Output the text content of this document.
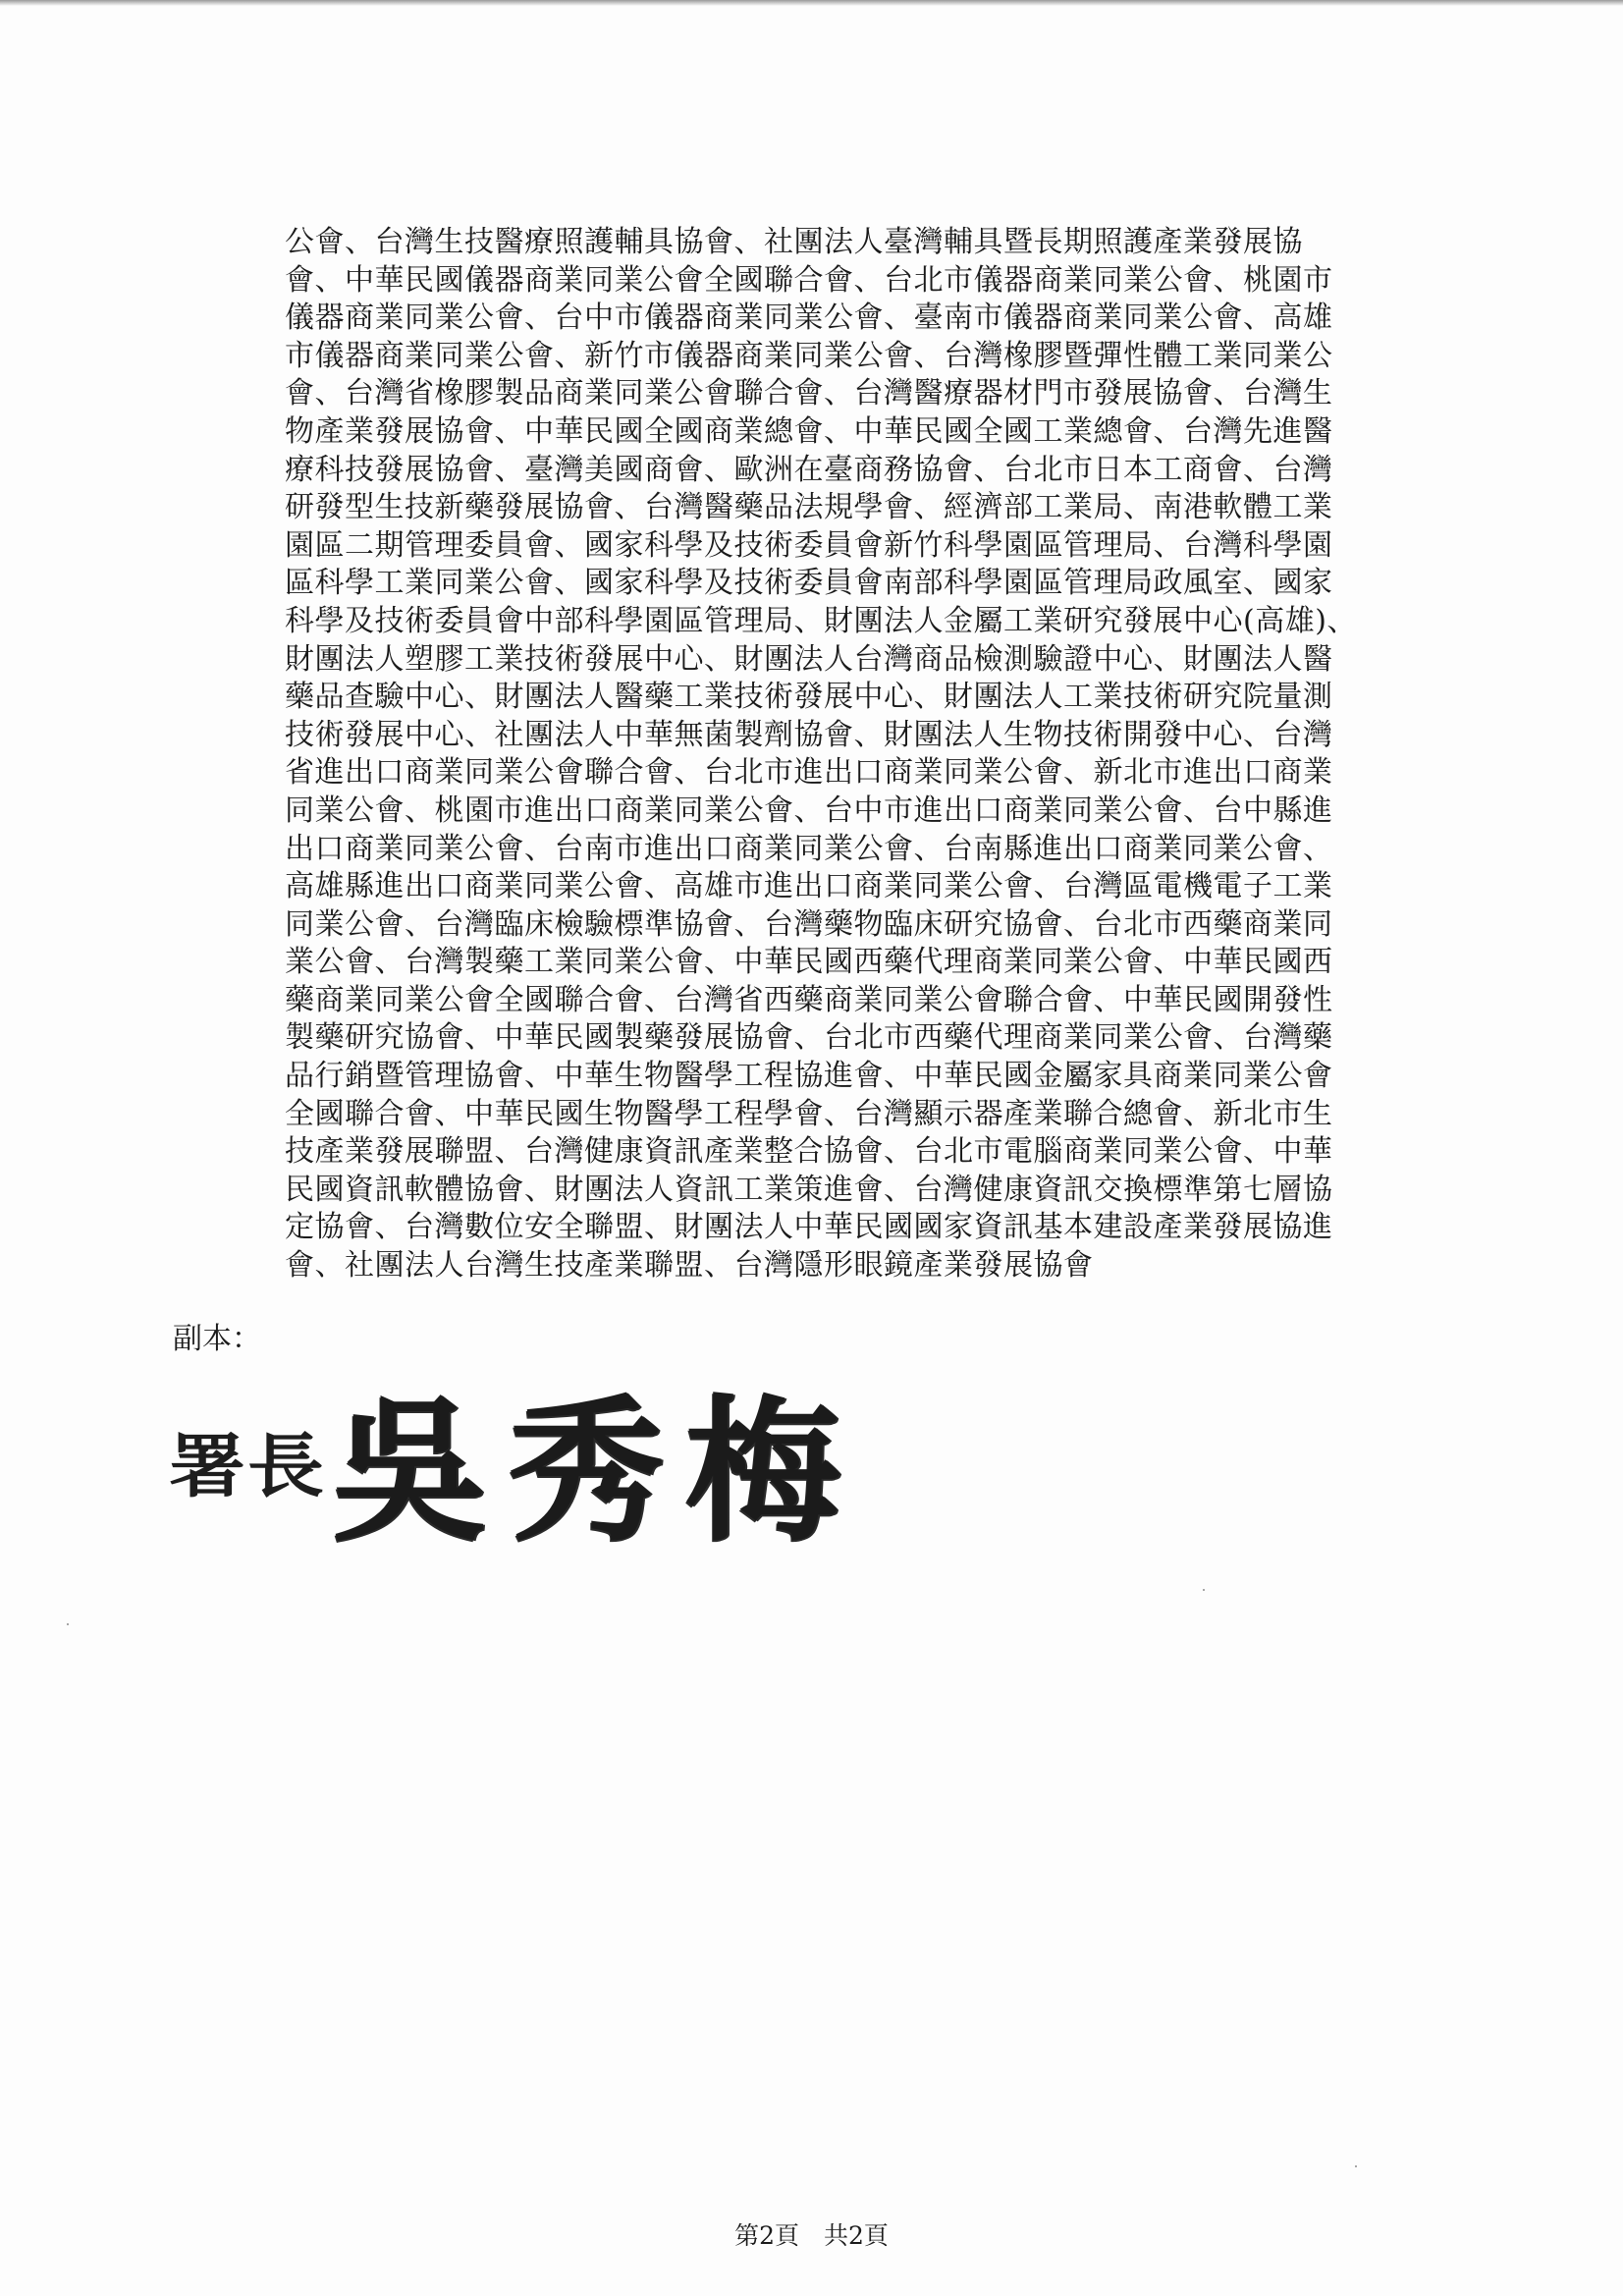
公會、台灣生技醫療照護輔具協會、社團法人臺灣輔具暨長期照護產業發展協
會、中華民國儀器商業同業公會全國聯合會、台北市儀器商業同業公會、桃園市
儀器商業同業公會、台中市儀器商業同業公會、臺南市儀器商業同業公會、高雄
市儀器商業同業公會、新竹市儀器商業同業公會、台灣橡膠暨彈性體工業同業公
會、台灣省橡膠製品商業同業公會聯合會、台灣醫療器材門市發展協會、台灣生
物產業發展協會、中華民國全國商業總會、中華民國全國工業總會、台灣先進醫
療科技發展協會、臺灣美國商會、歐洲在臺商務協會、台北市日本工商會、台灣
研發型生技新藥發展協會、台灣醫藥品法規學會、經濟部工業局、南港軟體工業
園區二期管理委員會、國家科學及技術委員會新竹科學園區管理局、台灣科學園
區科學工業同業公會、國家科學及技術委員會南部科學園區管理局政風室、國家
科學及技術委員會中部科學園區管理局、財團法人金屬工業研究發展中心(高雄)、
財團法人塑膠工業技術發展中心、財團法人台灣商品檢測驗證中心、財團法人醫
藥品查驗中心、財團法人醫藥工業技術發展中心、財團法人工業技術研究院量測
技術發展中心、社團法人中華無菌製劑協會、財團法人生物技術開發中心、台灣
省進出口商業同業公會聯合會、台北市進出口商業同業公會、新北市進出口商業
同業公會、桃園市進出口商業同業公會、台中市進出口商業同業公會、台中縣進
出口商業同業公會、台南市進出口商業同業公會、台南縣進出口商業同業公會、
高雄縣進出口商業同業公會、高雄市進出口商業同業公會、台灣區電機電子工業
同業公會、台灣臨床檢驗標準協會、台灣藥物臨床研究協會、台北市西藥商業同
業公會、台灣製藥工業同業公會、中華民國西藥代理商業同業公會、中華民國西
藥商業同業公會全國聯合會、台灣省西藥商業同業公會聯合會、中華民國開發性
製藥研究協會、中華民國製藥發展協會、台北市西藥代理商業同業公會、台灣藥
品行銷暨管理協會、中華生物醫學工程協進會、中華民國金屬家具商業同業公會
全國聯合會、中華民國生物醫學工程學會、台灣顯示器產業聯合總會、新北市生
技產業發展聯盟、台灣健康資訊產業整合協會、台北市電腦商業同業公會、中華
民國資訊軟體協會、財團法人資訊工業策進會、台灣健康資訊交換標準第七層協
定協會、台灣數位安全聯盟、財團法人中華民國國家資訊基本建設產業發展協進
會、社團法人台灣生技產業聯盟、台灣隱形眼鏡產業發展協會
副本：
署長 吳秀梅
第2頁　共2頁
